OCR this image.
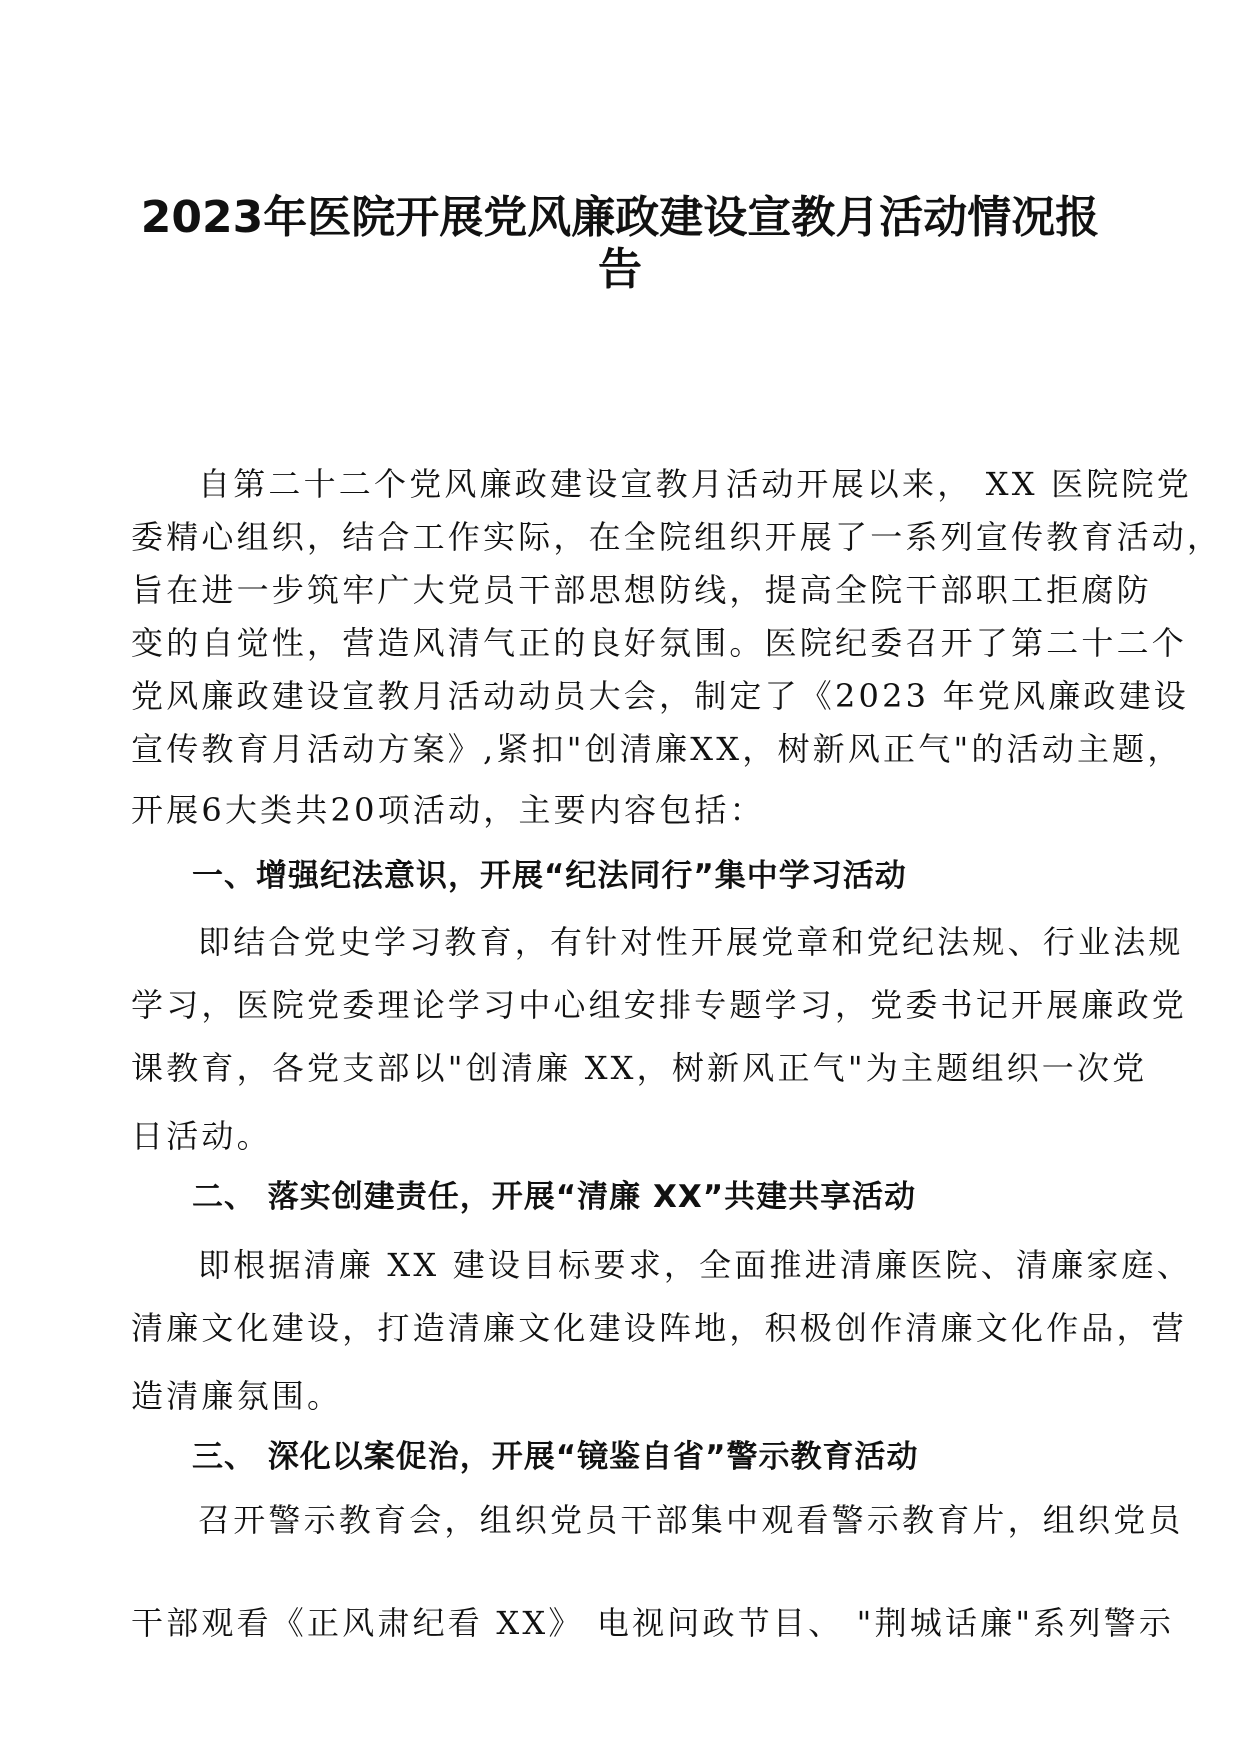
2023年医院开展党风廉政建设宣教月活动情况报
告
自第二十二个党风廉政建设宣教月活动开展以来， XX 医院院党
委精心组织，结合工作实际，在全院组织开展了一系列宣传教育活动，
旨在进一步筑牢广大党员干部思想防线，提高全院干部职工拒腐防
变的自觉性，营造风清气正的良好氛围。医院纪委召开了第二十二个
党风廉政建设宣教月活动动员大会，制定了《2023 年党风廉政建设
宣传教育月活动方案》,紧扣"创清廉XX，树新风正气"的活动主题，
开展6大类共20项活动，主要内容包括：
一、增强纪法意识，开展“纪法同行”集中学习活动
即结合党史学习教育，有针对性开展党章和党纪法规、行业法规
学习，医院党委理论学习中心组安排专题学习，党委书记开展廉政党
课教育，各党支部以"创清廉 XX，树新风正气"为主题组织一次党
日活动。
二、 落实创建责任，开展“清廉 XX”共建共享活动
即根据清廉 XX 建设目标要求，全面推进清廉医院、清廉家庭、
清廉文化建设，打造清廉文化建设阵地，积极创作清廉文化作品，营
造清廉氛围。
三、 深化以案促治，开展“镜鉴自省”警示教育活动
召开警示教育会，组织党员干部集中观看警示教育片，组织党员
干部观看《正风肃纪看 XX》 电视问政节目、 "荆城话廉"系列警示
